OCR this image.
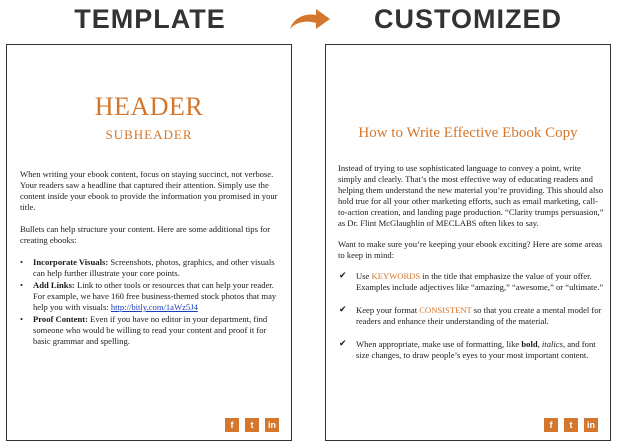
TEMPLATE	CUSTOMIZED
HEADER
SUBHEADER

When writing your ebook content, focus on staying succinct, not verbose. Your readers saw a headline that captured their attention. Simply use the content inside your ebook to provide the information you promised in your title.

Bullets can help structure your content. Here are some additional tips for creating ebooks:

• Incorporate Visuals: Screenshots, photos, graphics, and other visuals can help further illustrate your core points.
• Add Links: Link to other tools or resources that can help your reader. For example, we have 160 free business-themed stock photos that may help you with visuals: http://bitly.com/1aWz5J4
• Proof Content: Even if you have no editor in your department, find someone who would be willing to read your content and proof it for basic grammar and spelling.
f	t	in
How to Write Effective Ebook Copy

Instead of trying to use sophisticated language to convey a point, write simply and clearly. That’s the most effective way of educating readers and helping them understand the new material you’re providing. This should also hold true for all your other marketing efforts, such as email marketing, call-to-action creation, and landing page production. “Clarity trumps persuasion,” as Dr. Flint McGlaughlin of MECLABS often likes to say.

Want to make sure you’re keeping your ebook exciting? Here are some areas to keep in mind:

✔ Use KEYWORDS in the title that emphasize the value of your offer. Examples include adjectives like “amazing,” “awesome,” or “ultimate.”
✔ Keep your format CONSISTENT so that you create a mental model for readers and enhance their understanding of the material.
✔ When appropriate, make use of formatting, like bold, italics, and font size changes, to draw people’s eyes to your most important content.
f	t	in
